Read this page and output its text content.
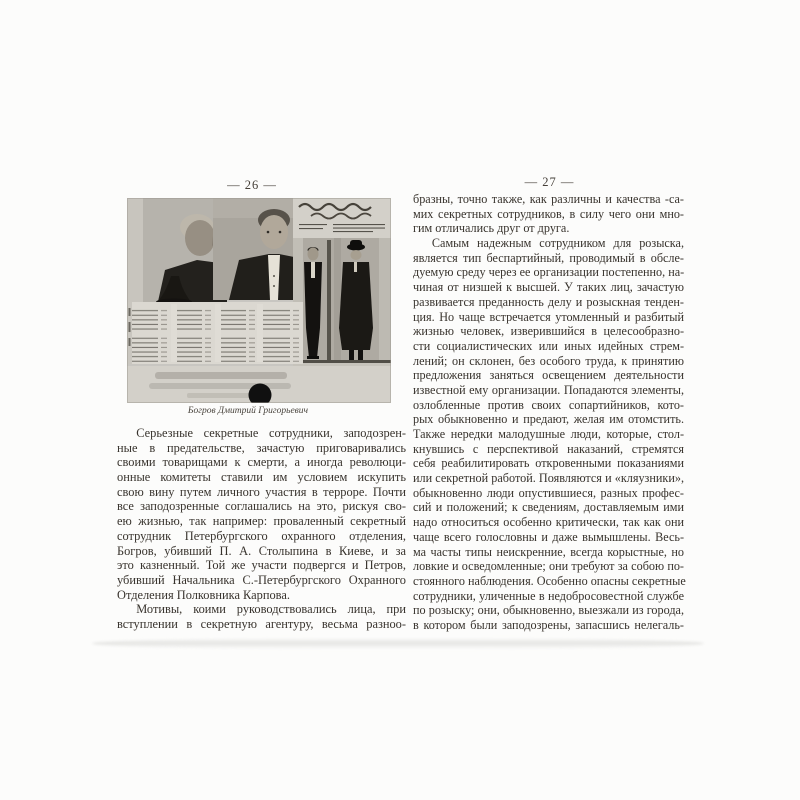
— 26 —
Богров Дмитрий Григорьевич
Серьезные секретные сотрудники, заподозрен-
ные в предательстве, зачастую приговаривались
своими товарищами к смерти, а иногда революци-
онные комитеты ставили им условием искупить
свою вину путем личного участия в терроре. Почти
все заподозренные соглашались на это, рискуя сво-
ею жизнью, так например: проваленный секретный
сотрудник Петербургского охранного отделения,
Богров, убивший П. А. Столыпина в Киеве, и за
это казненный. Той же участи подвергся и Петров,
убивший Начальника С.-Петербургского Охранного
Отделения Полковника Карпова.
Мотивы, коими руководствовались лица, при
вступлении в секретную агентуру, весьма разноо-
— 27 —
бразны, точно также, как различны и качества -са-
мих секретных сотрудников, в силу чего они мно-
гим отличались друг от друга.
Самым надежным сотрудником для розыска,
является тип беспартийный, проводимый в обсле-
дуемую среду через ее организации постепенно, на-
чиная от низшей к высшей. У таких лиц, зачастую
развивается преданность делу и розыскная тенден-
ция. Но чаще встречается утомленный и разбитый
жизнью человек, изверившийся в целесообразно-
сти социалистических или иных идейных стрем-
лений; он склонен, без особого труда, к принятию
предложения заняться освещением деятельности
известной ему организации. Попадаются элементы,
озлобленные против своих сопартийников, кото-
рых обыкновенно и предают, желая им отомстить.
Также нередки малодушные люди, которые, стол-
кнувшись с перспективой наказаний, стремятся
себя реабилитировать откровенными показаниями
или секретной работой. Появляются и «кляузники»,
обыкновенно люди опустившиеся, разных профес-
сий и положений; к сведениям, доставляемым ими
надо относиться особенно критически, так как они
чаще всего голословны и даже вымышлены. Весь-
ма часты типы неискренние, всегда корыстные, но
ловкие и осведомленные; они требуют за собою по-
стоянного наблюдения. Особенно опасны секретные
сотрудники, уличенные в недобросовестной службе
по розыску; они, обыкновенно, выезжали из города,
в котором были заподозрены, запасшись нелегаль-
